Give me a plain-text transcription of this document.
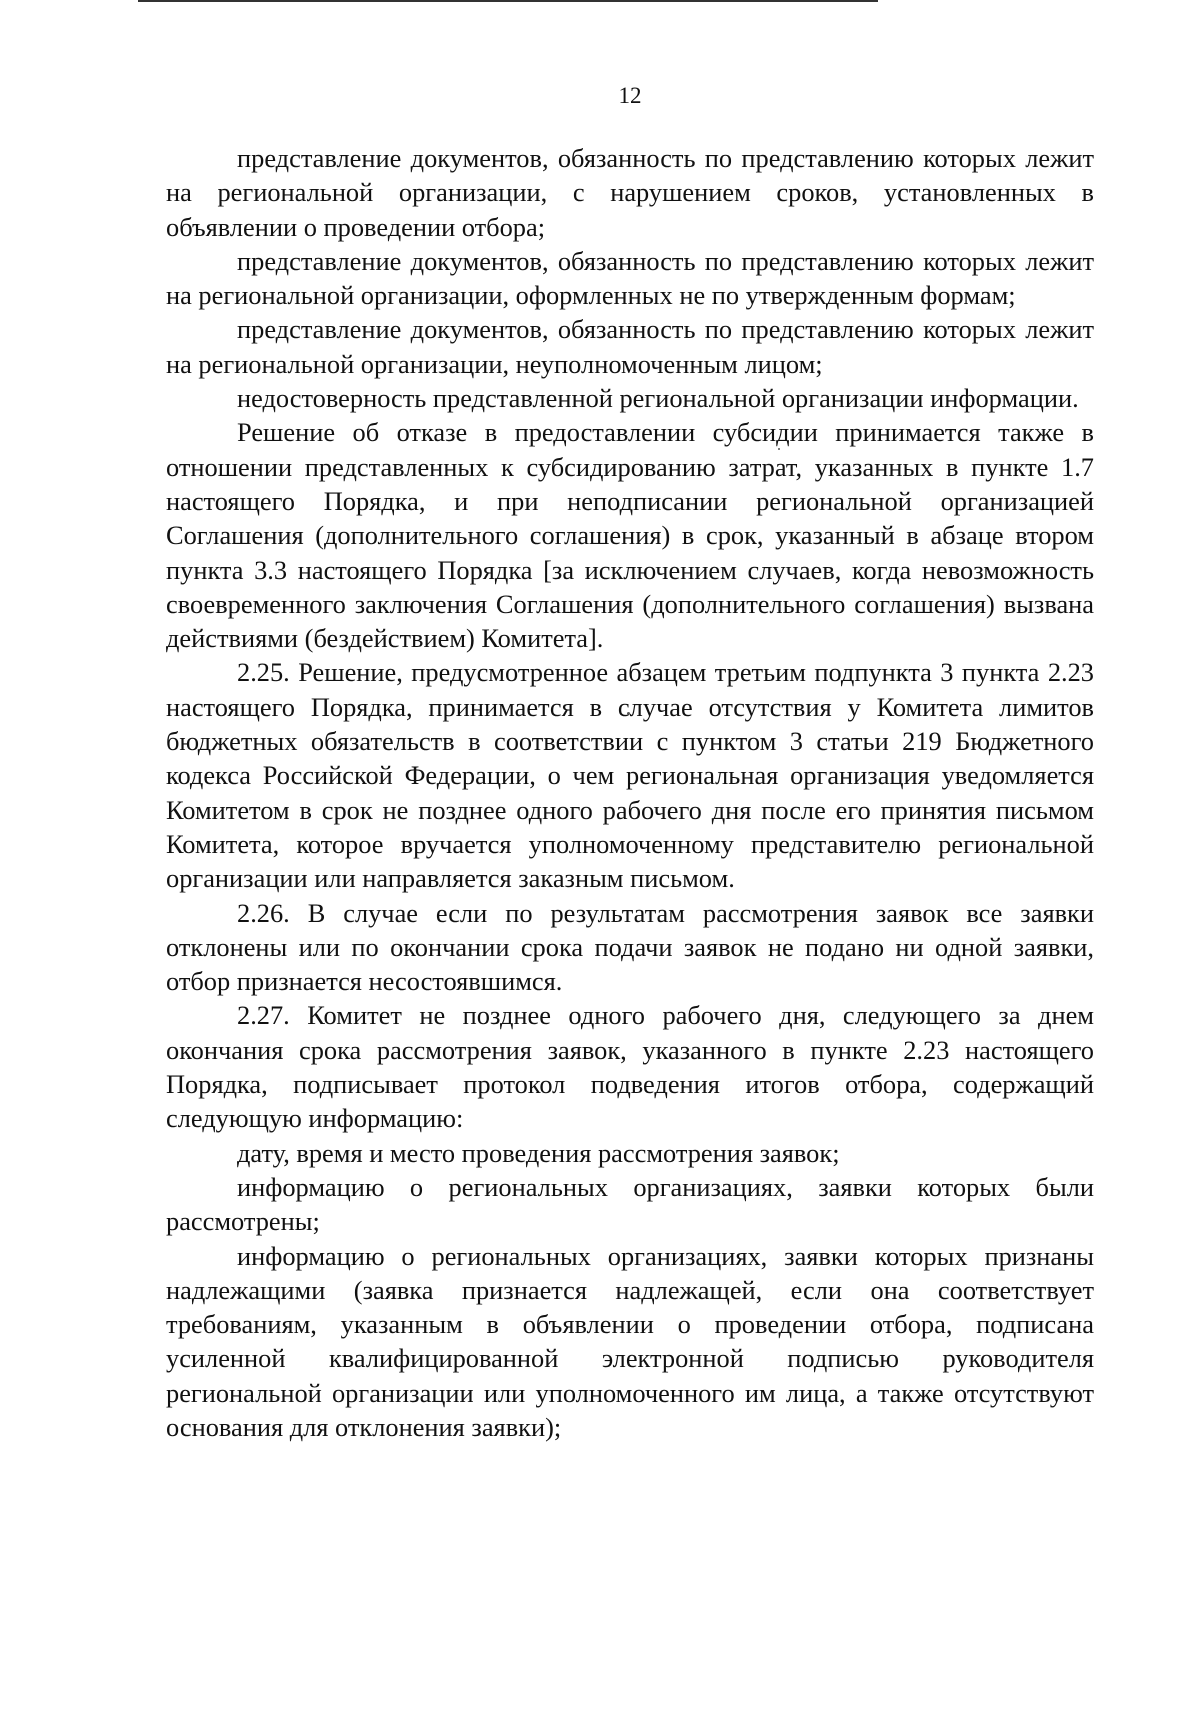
12

представление документов, обязанность по представлению которых лежит на региональной организации, с нарушением сроков, установленных в объявлении о проведении отбора;

представление документов, обязанность по представлению которых лежит на региональной организации, оформленных не по утвержденным формам;

представление документов, обязанность по представлению которых лежит на региональной организации, неуполномоченным лицом;

недостоверность представленной региональной организации информации.

Решение об отказе в предоставлении субсидии принимается также в отношении представленных к субсидированию затрат, указанных в пункте 1.7 настоящего Порядка, и при неподписании региональной организацией Соглашения (дополнительного соглашения) в срок, указанный в абзаце втором пункта 3.3 настоящего Порядка [за исключением случаев, когда невозможность своевременного заключения Соглашения (дополнительного соглашения) вызвана действиями (бездействием) Комитета].

2.25. Решение, предусмотренное абзацем третьим подпункта 3 пункта 2.23 настоящего Порядка, принимается в случае отсутствия у Комитета лимитов бюджетных обязательств в соответствии с пунктом 3 статьи 219 Бюджетного кодекса Российской Федерации, о чем региональная организация уведомляется Комитетом в срок не позднее одного рабочего дня после его принятия письмом Комитета, которое вручается уполномоченному представителю региональной организации или направляется заказным письмом.

2.26. В случае если по результатам рассмотрения заявок все заявки отклонены или по окончании срока подачи заявок не подано ни одной заявки, отбор признается несостоявшимся.

2.27. Комитет не позднее одного рабочего дня, следующего за днем окончания срока рассмотрения заявок, указанного в пункте 2.23 настоящего Порядка, подписывает протокол подведения итогов отбора, содержащий следующую информацию:

дату, время и место проведения рассмотрения заявок;

информацию о региональных организациях, заявки которых были рассмотрены;

информацию о региональных организациях, заявки которых признаны надлежащими (заявка признается надлежащей, если она соответствует требованиям, указанным в объявлении о проведении отбора, подписана усиленной квалифицированной электронной подписью руководителя региональной организации или уполномоченного им лица, а также отсутствуют основания для отклонения заявки);
